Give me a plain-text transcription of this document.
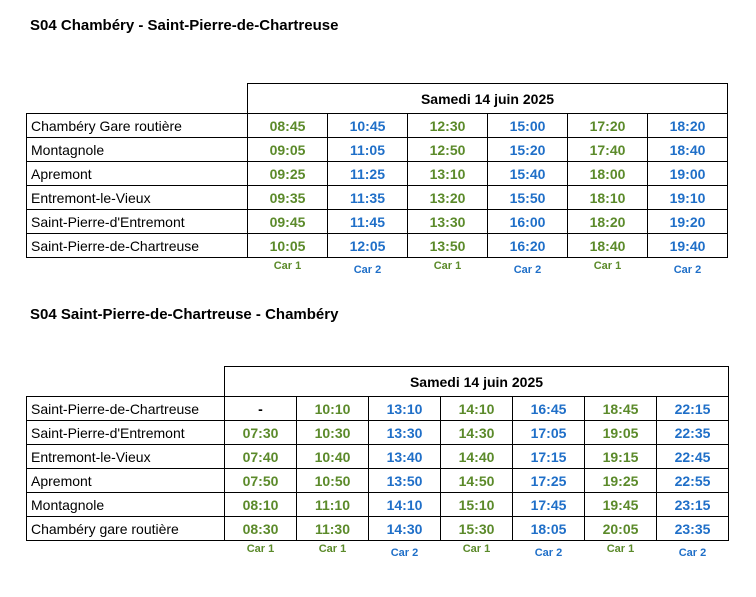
S04 Chambéry - Saint-Pierre-de-Chartreuse
	Samedi 14 juin 2025					
Chambéry Gare routière	08:45	10:45	12:30	15:00	17:20	18:20
Montagnole	09:05	11:05	12:50	15:20	17:40	18:40
Apremont	09:25	11:25	13:10	15:40	18:00	19:00
Entremont-le-Vieux	09:35	11:35	13:20	15:50	18:10	19:10
Saint-Pierre-d'Entremont	09:45	11:45	13:30	16:00	18:20	19:20
Saint-Pierre-de-Chartreuse	10:05	12:05	13:50	16:20	18:40	19:40
	Car 1	Car 2	Car 1	Car 2	Car 1	Car 2
S04 Saint-Pierre-de-Chartreuse - Chambéry
	Samedi 14 juin 2025						
Saint-Pierre-de-Chartreuse	-	10:10	13:10	14:10	16:45	18:45	22:15
Saint-Pierre-d'Entremont	07:30	10:30	13:30	14:30	17:05	19:05	22:35
Entremont-le-Vieux	07:40	10:40	13:40	14:40	17:15	19:15	22:45
Apremont	07:50	10:50	13:50	14:50	17:25	19:25	22:55
Montagnole	08:10	11:10	14:10	15:10	17:45	19:45	23:15
Chambéry gare routière	08:30	11:30	14:30	15:30	18:05	20:05	23:35
	Car 1	Car 1	Car 2	Car 1	Car 2	Car 1	Car 2
